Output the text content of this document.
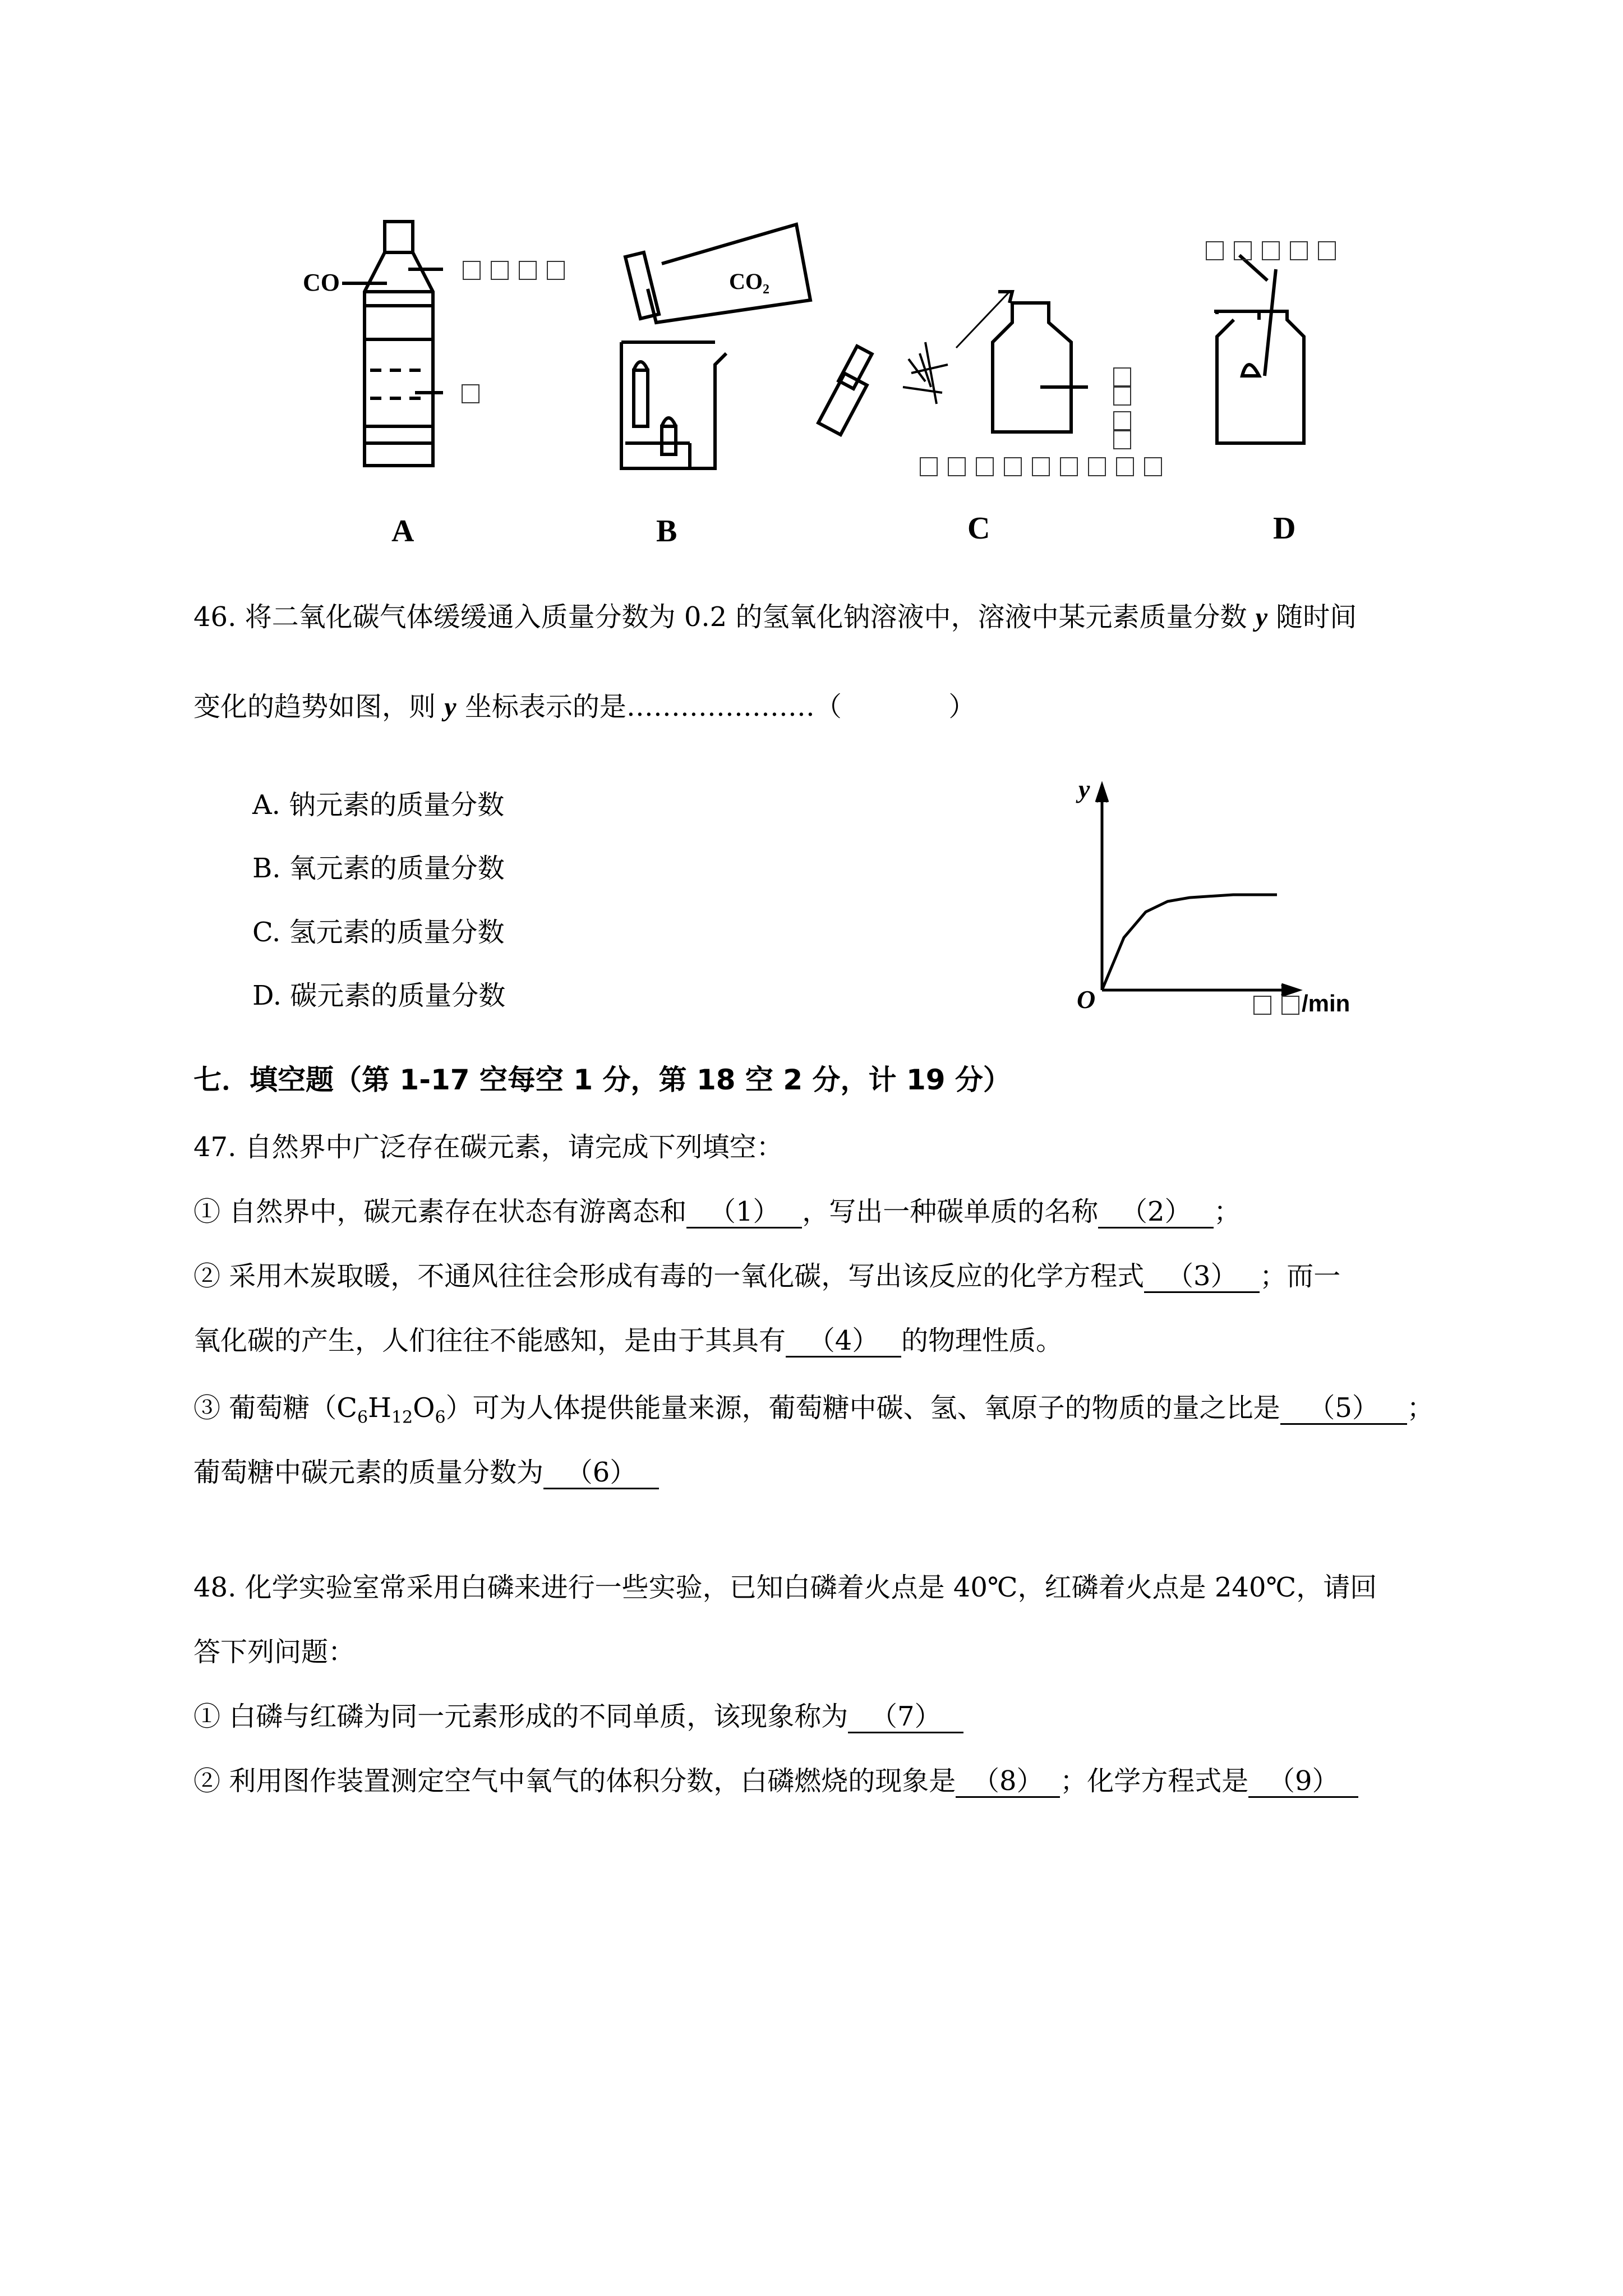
CO	CO₂

A	B	C	D
46. 将二氧化碳气体缓缓通入质量分数为 0.2 的氢氧化钠溶液中，溶液中某元素质量分数 y 随时间
变化的趋势如图，则 y 坐标表示的是…………………（	）
A. 钠元素的质量分数
B. 氧元素的质量分数
C. 氢元素的质量分数
D. 碳元素的质量分数
y
O	/min
七．填空题（第 1-17 空每空 1 分，第 18 空 2 分，计 19 分）
47. 自然界中广泛存在碳元素，请完成下列填空：
① 自然界中，碳元素存在状态有游离态和 （1） ，写出一种碳单质的名称 （2） ；
② 采用木炭取暖，不通风往往会形成有毒的一氧化碳，写出该反应的化学方程式 （3） ；而一
氧化碳的产生，人们往往不能感知，是由于其具有 （4） 的物理性质。
③ 葡萄糖$(C_6H_{12}O_6)$可为人体提供能量来源，葡萄糖中碳、氢、氧原子的物质的量之比是 （5） ；
葡萄糖中碳元素的质量分数为 （6）
48. 化学实验室常采用白磷来进行一些实验，已知白磷着火点是 40℃，红磷着火点是 240℃，请回
答下列问题：
① 白磷与红磷为同一元素形成的不同单质，该现象称为 （7）
② 利用图作装置测定空气中氧气的体积分数，白磷燃烧的现象是 （8） ；化学方程式是 （9）
